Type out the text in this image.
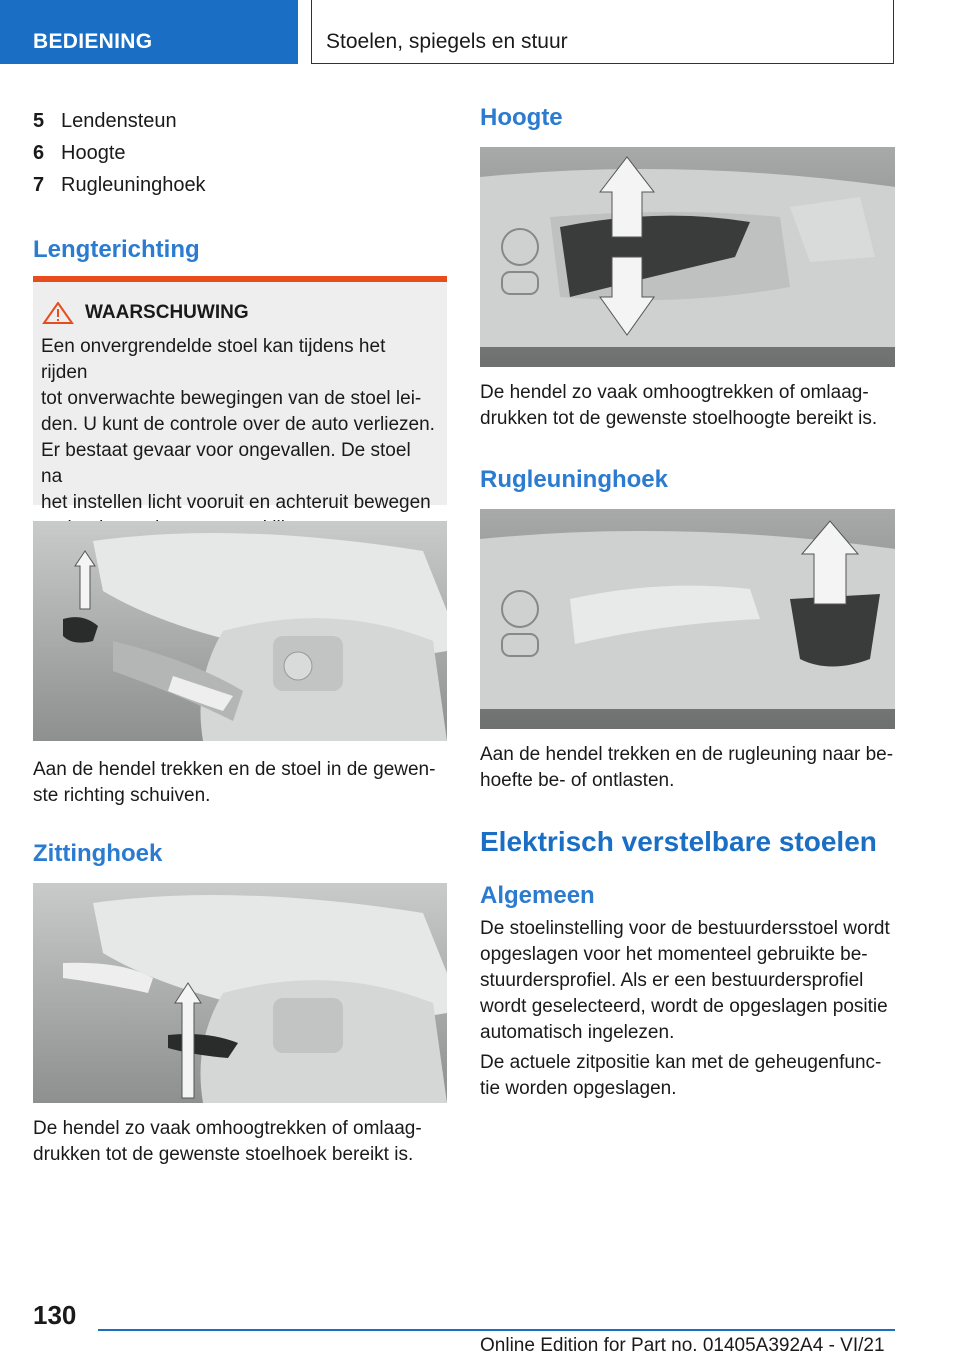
BEDIENING	Stoelen, spiegels en stuur
5 Lendensteun
6 Hoogte
7 Rugleuninghoek
Lengterichting
WAARSCHUWING
Een onvergrendelde stoel kan tijdens het rijden
tot onverwachte bewegingen van de stoel lei-
den. U kunt de controle over de auto verliezen.
Er bestaat gevaar voor ongevallen. De stoel na
het instellen licht vooruit en achteruit bewegen

Aan de hendel trekken en de stoel in de gewen-
ste richting schuiven.

Zittinghoek

De hendel zo vaak omhoogtrekken of omlaag-
drukken tot de gewenste stoelhoek bereikt is.

Hoogte

De hendel zo vaak omhoogtrekken of omlaag-
drukken tot de gewenste stoelhoogte bereikt is.

Rugleuninghoek

Aan de hendel trekken en de rugleuning naar be-
hoefte be- of ontlasten.

Elektrisch verstelbare stoelen
Algemeen

De stoelinstelling voor de bestuurdersstoel wordt
opgeslagen voor het momenteel gebruikte be-
stuurdersprofiel. Als er een bestuurdersprofiel
wordt geselecteerd, wordt de opgeslagen positie
automatisch ingelezen.

De actuele zitpositie kan met de geheugenfunc-
tie worden opgeslagen.

130
Online Edition for Part no. 01405A392A4 - VI/21
